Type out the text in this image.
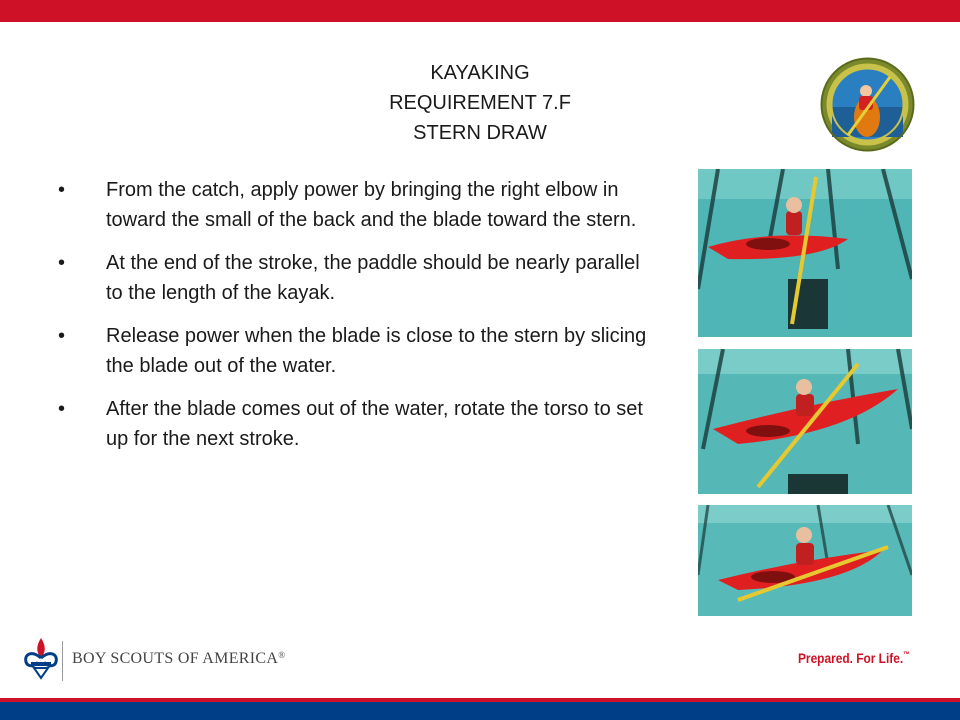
KAYAKING
REQUIREMENT 7.F
STERN DRAW
• From the catch, apply power by bringing the right elbow in toward the small of the back and the blade toward the stern.
• At the end of the stroke, the paddle should be nearly parallel to the length of the kayak.
• Release power when the blade is close to the stern by slicing the blade out of the water.
• After the blade comes out of the water, rotate the torso to set up for the next stroke.
BOY SCOUTS OF AMERICA®	Prepared. For Life.™
